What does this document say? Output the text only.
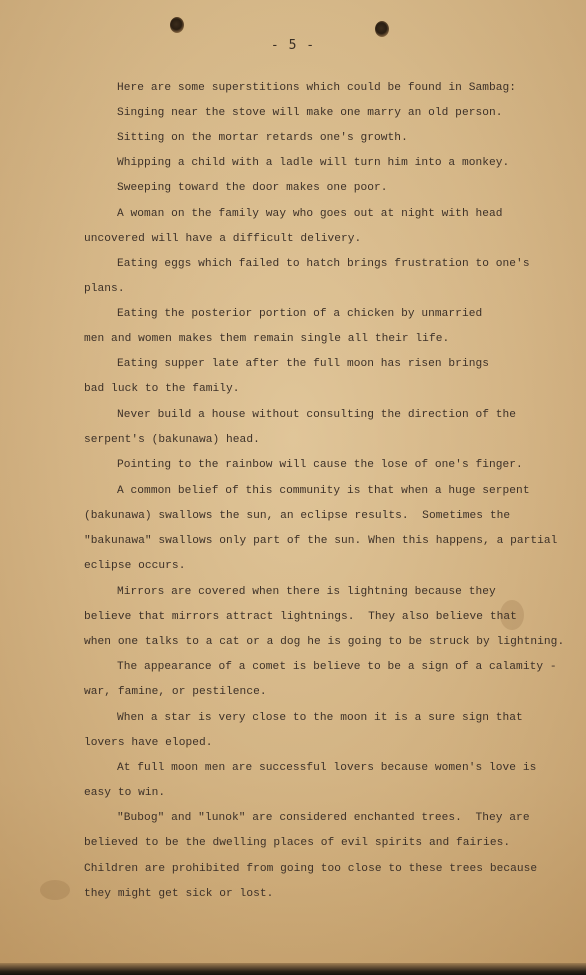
- 5 -
Here are some superstitions which could be found in Sambag:
Singing near the stove will make one marry an old person.
Sitting on the mortar retards one's growth.
Whipping a child with a ladle will turn him into a monkey.
Sweeping toward the door makes one poor.
A woman on the family way who goes out at night with head
uncovered will have a difficult delivery.
Eating eggs which failed to hatch brings frustration to one's
plans.
Eating the posterior portion of a chicken by unmarried
men and women makes them remain single all their life.
Eating supper late after the full moon has risen brings
bad luck to the family.
Never build a house without consulting the direction of the
serpent's (bakunawa) head.
Pointing to the rainbow will cause the lose of one's finger.
A common belief of this community is that when a huge serpent
(bakunawa) swallows the sun, an eclipse results.  Sometimes the
"bakunawa" swallows only part of the sun. When this happens, a partial
eclipse occurs.
Mirrors are covered when there is lightning because they
believe that mirrors attract lightnings.  They also believe that
when one talks to a cat or a dog he is going to be struck by lightning.
The appearance of a comet is believe to be a sign of a calamity -
war, famine, or pestilence.
When a star is very close to the moon it is a sure sign that
lovers have eloped.
At full moon men are successful lovers because women's love is
easy to win.
"Bubog" and "lunok" are considered enchanted trees.  They are
believed to be the dwelling places of evil spirits and fairies.
Children are prohibited from going too close to these trees because
they might get sick or lost.
